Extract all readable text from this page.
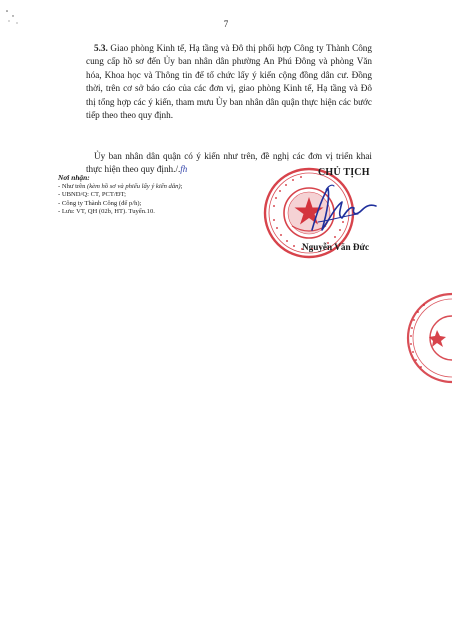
7

5.3. Giao phòng Kinh tế, Hạ tầng và Đô thị phối hợp Công ty Thành Công cung cấp hồ sơ đến Ủy ban nhân dân phường An Phú Đông và phòng Văn hóa, Khoa học và Thông tin để tổ chức lấy ý kiến cộng đồng dân cư. Đồng thời, trên cơ sở báo cáo của các đơn vị, giao phòng Kinh tế, Hạ tầng và Đô thị tổng hợp các ý kiến, tham mưu Ủy ban nhân dân quận thực hiện các bước tiếp theo theo quy định.

Ủy ban nhân dân quận có ý kiến như trên, đề nghị các đơn vị triển khai thực hiện theo quy định./.fh

Nơi nhận:
- Như trên (kèm hồ sơ và phiếu lấy ý kiến dân);
- UBND/Q: CT, PCT/ĐT;
- Công ty Thành Công (để p/h);
- Lưu: VT, QH (02b, HT). Tuyến.10.
CHỦ TỊCH
Nguyễn Văn Đức
